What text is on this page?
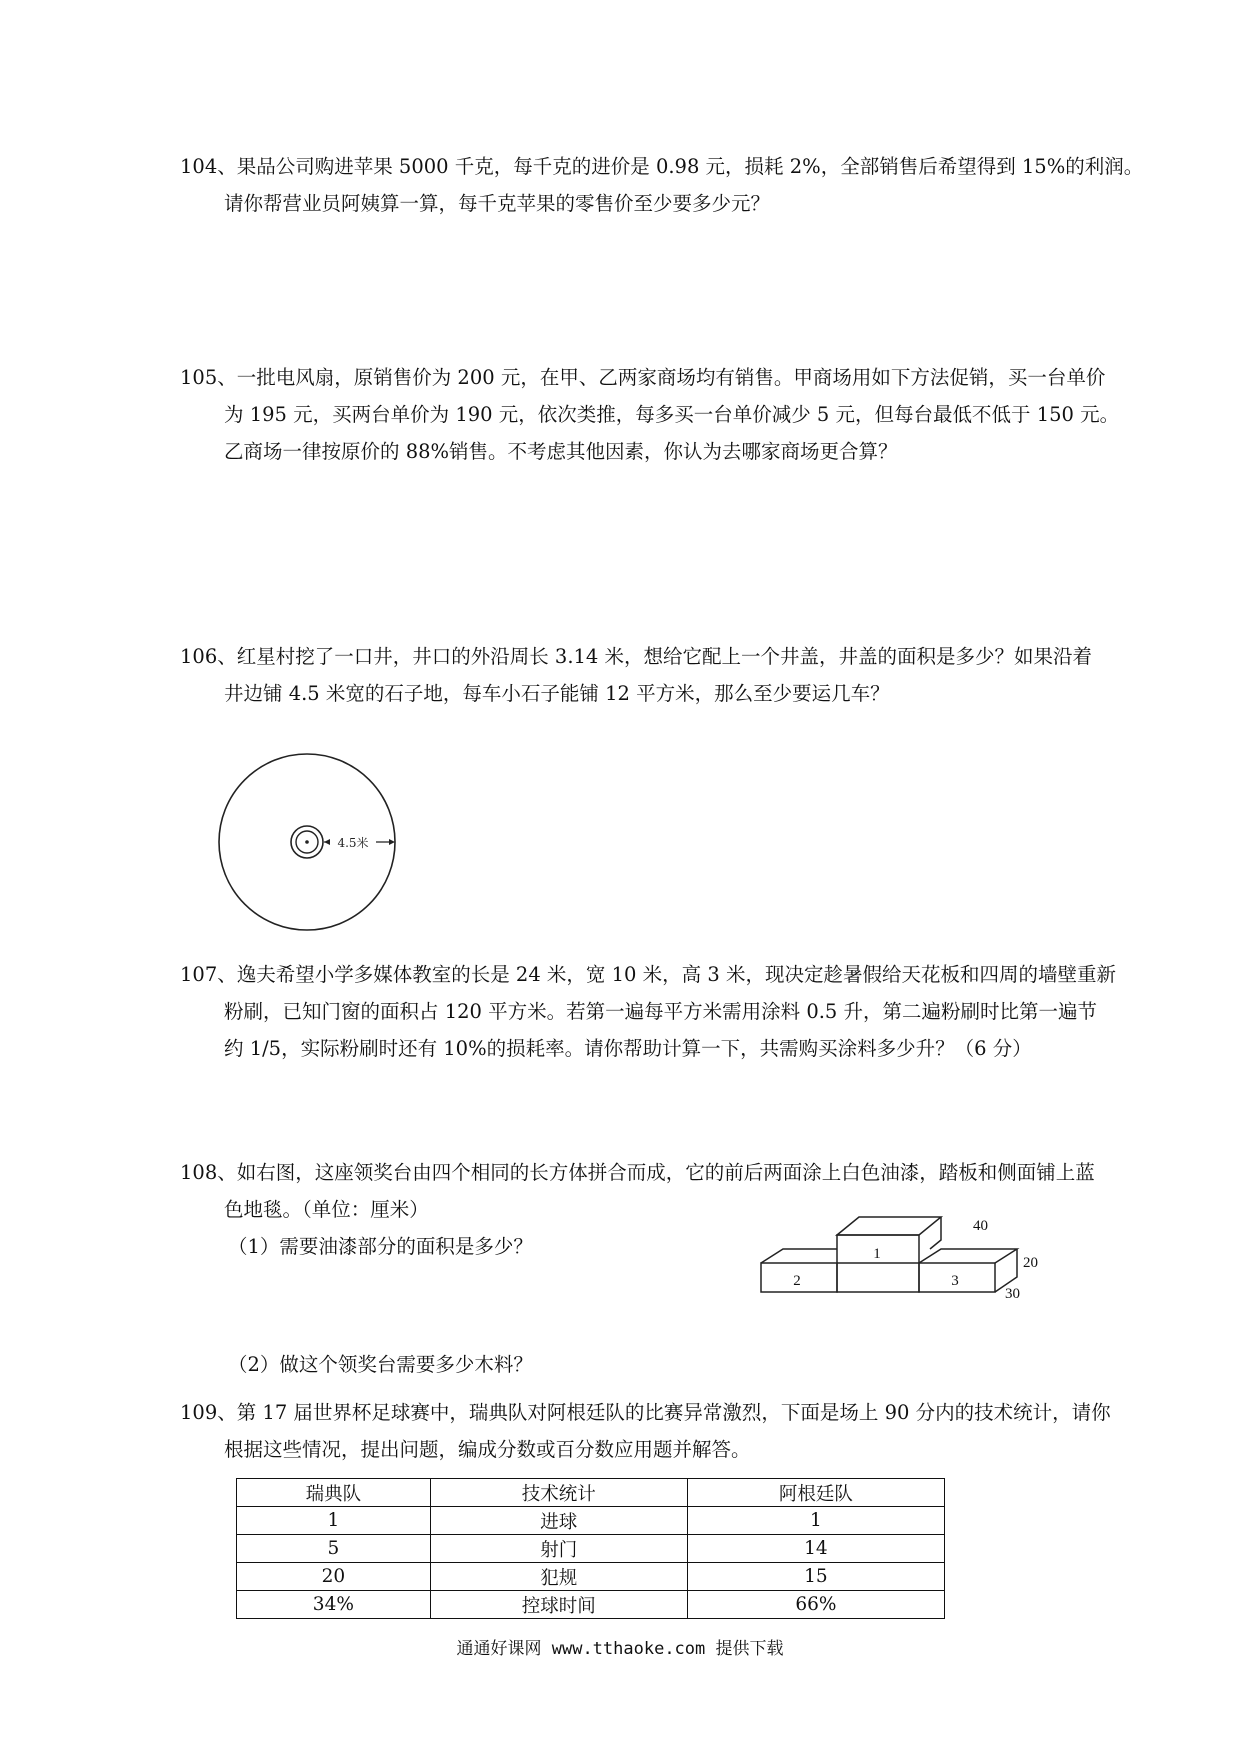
104、果品公司购进苹果 5000 千克，每千克的进价是 0.98 元，损耗 2%，全部销售后希望得到 15%的利润。
请你帮营业员阿姨算一算，每千克苹果的零售价至少要多少元？
105、一批电风扇，原销售价为 200 元，在甲、乙两家商场均有销售。甲商场用如下方法促销，买一台单价
为 195 元，买两台单价为 190 元，依次类推，每多买一台单价减少 5 元，但每台最低不低于 150 元。
乙商场一律按原价的 88%销售。不考虑其他因素，你认为去哪家商场更合算？
106、红星村挖了一口井，井口的外沿周长 3.14 米，想给它配上一个井盖，井盖的面积是多少？如果沿着
井边铺 4.5 米宽的石子地，每车小石子能铺 12 平方米，那么至少要运几车？
4.5米
107、逸夫希望小学多媒体教室的长是 24 米，宽 10 米，高 3 米，现决定趁暑假给天花板和四周的墙壁重新
粉刷，已知门窗的面积占 120 平方米。若第一遍每平方米需用涂料 0.5 升，第二遍粉刷时比第一遍节
约 1/5，实际粉刷时还有 10%的损耗率。请你帮助计算一下，共需购买涂料多少升？（6 分）
108、如右图，这座领奖台由四个相同的长方体拼合而成，它的前后两面涂上白色油漆，踏板和侧面铺上蓝
色地毯。（单位：厘米）
（1）需要油漆部分的面积是多少？
（2）做这个领奖台需要多少木料？
1
2	3
40
20
30
109、第 17 届世界杯足球赛中，瑞典队对阿根廷队的比赛异常激烈，下面是场上 90 分内的技术统计，请你
根据这些情况，提出问题，编成分数或百分数应用题并解答。
瑞典队	技术统计	阿根廷队
1	进球	1
5	射门	14
20	犯规	15
34%	控球时间	66%
通通好课网 www.tthaoke.com 提供下载
